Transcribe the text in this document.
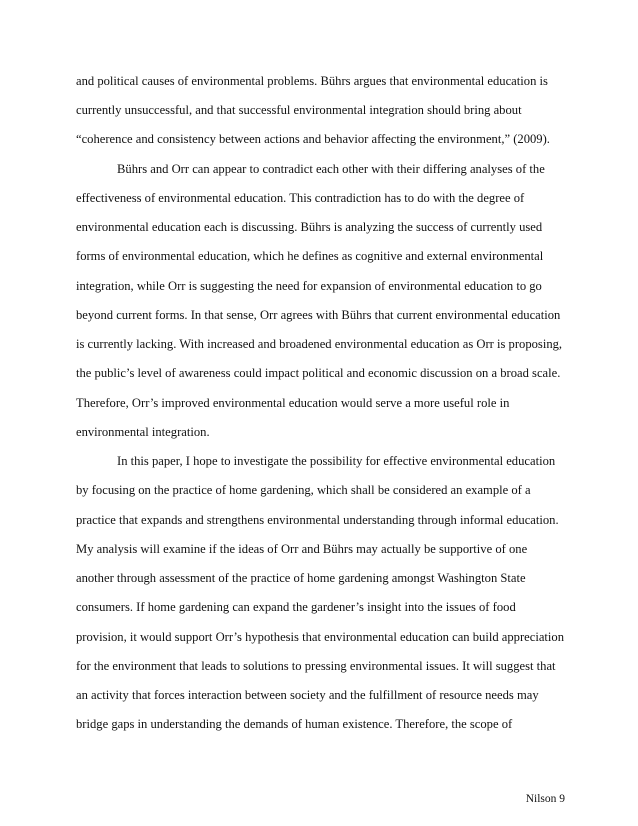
and political causes of environmental problems. Bührs argues that environmental education is
currently unsuccessful, and that successful environmental integration should bring about
“coherence and consistency between actions and behavior affecting the environment,” (2009).
Bührs and Orr can appear to contradict each other with their differing analyses of the
effectiveness of environmental education. This contradiction has to do with the degree of
environmental education each is discussing. Bührs is analyzing the success of currently used
forms of environmental education, which he defines as cognitive and external environmental
integration, while Orr is suggesting the need for expansion of environmental education to go
beyond current forms. In that sense, Orr agrees with Bührs that current environmental education
is currently lacking. With increased and broadened environmental education as Orr is proposing,
the public’s level of awareness could impact political and economic discussion on a broad scale.
Therefore, Orr’s improved environmental education would serve a more useful role in
environmental integration.
In this paper, I hope to investigate the possibility for effective environmental education
by focusing on the practice of home gardening, which shall be considered an example of a
practice that expands and strengthens environmental understanding through informal education.
My analysis will examine if the ideas of Orr and Bührs may actually be supportive of one
another through assessment of the practice of home gardening amongst Washington State
consumers. If home gardening can expand the gardener’s insight into the issues of food
provision, it would support Orr’s hypothesis that environmental education can build appreciation
for the environment that leads to solutions to pressing environmental issues. It will suggest that
an activity that forces interaction between society and the fulfillment of resource needs may
bridge gaps in understanding the demands of human existence. Therefore, the scope of
Nilson 9
